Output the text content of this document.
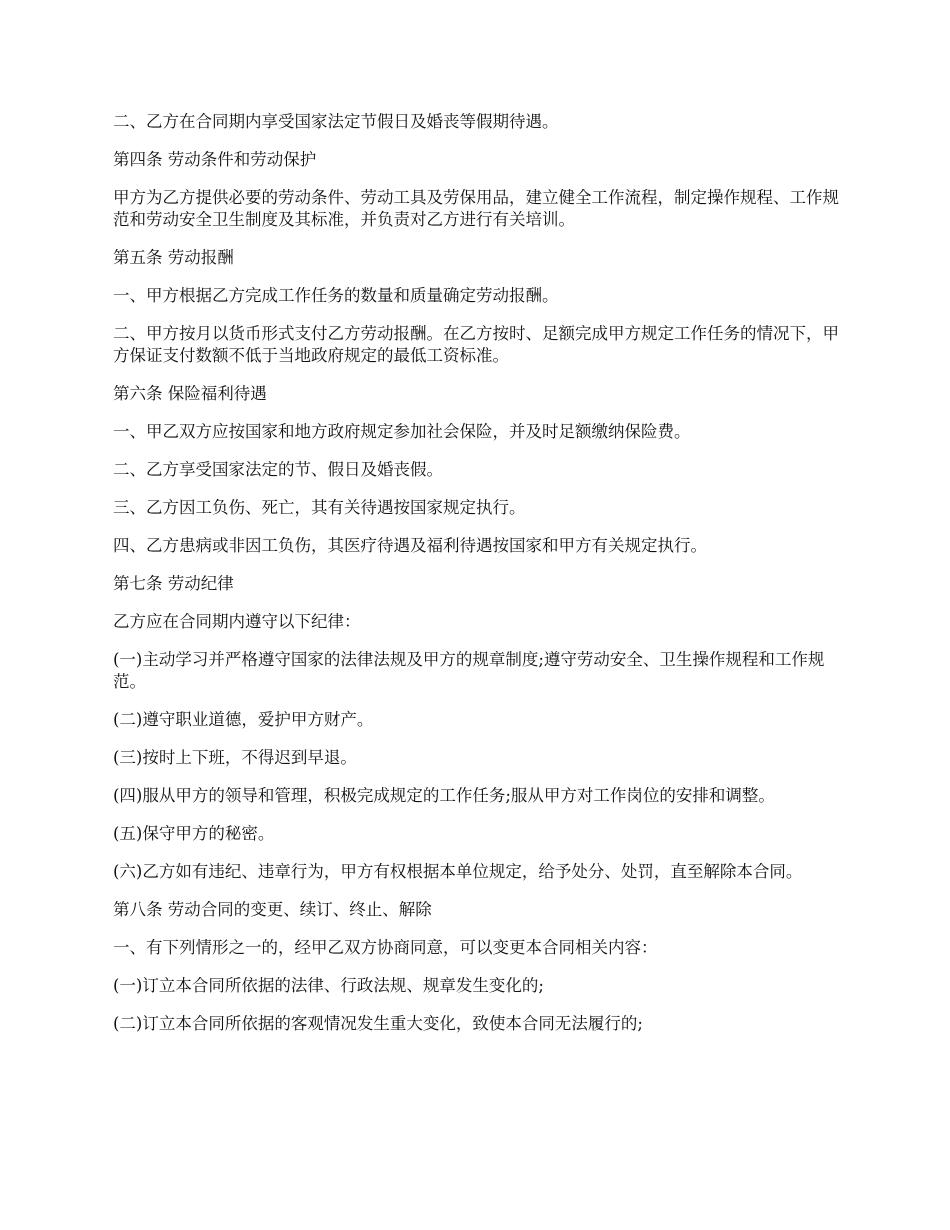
二、乙方在合同期内享受国家法定节假日及婚丧等假期待遇。

第四条 劳动条件和劳动保护

甲方为乙方提供必要的劳动条件、劳动工具及劳保用品，建立健全工作流程，制定操作规程、工作规范和劳动安全卫生制度及其标准，并负责对乙方进行有关培训。

第五条 劳动报酬

一、甲方根据乙方完成工作任务的数量和质量确定劳动报酬。

二、甲方按月以货币形式支付乙方劳动报酬。在乙方按时、足额完成甲方规定工作任务的情况下，甲方保证支付数额不低于当地政府规定的最低工资标准。

第六条 保险福利待遇

一、甲乙双方应按国家和地方政府规定参加社会保险，并及时足额缴纳保险费。

二、乙方享受国家法定的节、假日及婚丧假。

三、乙方因工负伤、死亡，其有关待遇按国家规定执行。

四、乙方患病或非因工负伤，其医疗待遇及福利待遇按国家和甲方有关规定执行。

第七条 劳动纪律

乙方应在合同期内遵守以下纪律：

(一)主动学习并严格遵守国家的法律法规及甲方的规章制度;遵守劳动安全、卫生操作规程和工作规范。

(二)遵守职业道德，爱护甲方财产。

(三)按时上下班，不得迟到早退。

(四)服从甲方的领导和管理，积极完成规定的工作任务;服从甲方对工作岗位的安排和调整。

(五)保守甲方的秘密。

(六)乙方如有违纪、违章行为，甲方有权根据本单位规定，给予处分、处罚，直至解除本合同。

第八条 劳动合同的变更、续订、终止、解除

一、有下列情形之一的，经甲乙双方协商同意，可以变更本合同相关内容：

(一)订立本合同所依据的法律、行政法规、规章发生变化的;

(二)订立本合同所依据的客观情况发生重大变化，致使本合同无法履行的;
